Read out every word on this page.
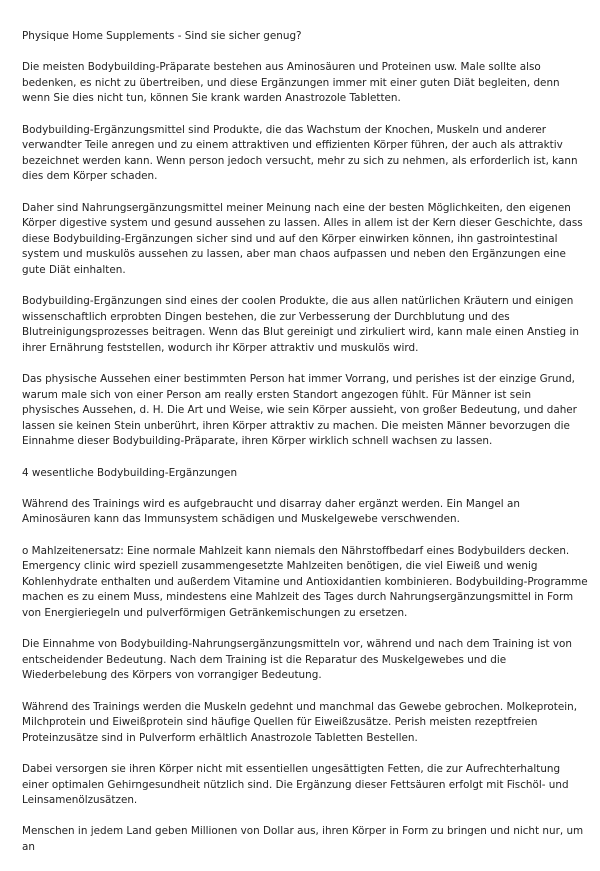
Physique Home Supplements - Sind sie sicher genug?

Die meisten Bodybuilding-Präparate bestehen aus Aminosäuren und Proteinen usw. Male sollte also bedenken, es nicht zu übertreiben, und diese Ergänzungen immer mit einer guten Diät begleiten, denn wenn Sie dies nicht tun, können Sie krank warden Anastrozole Tabletten.

Bodybuilding-Ergänzungsmittel sind Produkte, die das Wachstum der Knochen, Muskeln und anderer verwandter Teile anregen und zu einem attraktiven und effizienten Körper führen, der auch als attraktiv bezeichnet werden kann. Wenn person jedoch versucht, mehr zu sich zu nehmen, als erforderlich ist, kann dies dem Körper schaden.

Daher sind Nahrungsergänzungsmittel meiner Meinung nach eine der besten Möglichkeiten, den eigenen Körper digestive system und gesund aussehen zu lassen. Alles in allem ist der Kern dieser Geschichte, dass diese Bodybuilding-Ergänzungen sicher sind und auf den Körper einwirken können, ihn gastrointestinal system und muskulös aussehen zu lassen, aber man chaos aufpassen und neben den Ergänzungen eine gute Diät einhalten.

Bodybuilding-Ergänzungen sind eines der coolen Produkte, die aus allen natürlichen Kräutern und einigen wissenschaftlich erprobten Dingen bestehen, die zur Verbesserung der Durchblutung und des Blutreinigungsprozesses beitragen. Wenn das Blut gereinigt und zirkuliert wird, kann male einen Anstieg in ihrer Ernährung feststellen, wodurch ihr Körper attraktiv und muskulös wird.

Das physische Aussehen einer bestimmten Person hat immer Vorrang, und perishes ist der einzige Grund, warum male sich von einer Person am really ersten Standort angezogen fühlt. Für Männer ist sein physisches Aussehen, d. H. Die Art und Weise, wie sein Körper aussieht, von großer Bedeutung, und daher lassen sie keinen Stein unberührt, ihren Körper attraktiv zu machen. Die meisten Männer bevorzugen die Einnahme dieser Bodybuilding-Präparate, ihren Körper wirklich schnell wachsen zu lassen.

4 wesentliche Bodybuilding-Ergänzungen

Während des Trainings wird es aufgebraucht und disarray daher ergänzt werden. Ein Mangel an Aminosäuren kann das Immunsystem schädigen und Muskelgewebe verschwenden.

o Mahlzeitenersatz: Eine normale Mahlzeit kann niemals den Nährstoffbedarf eines Bodybuilders decken. Emergency clinic wird speziell zusammengesetzte Mahlzeiten benötigen, die viel Eiweiß und wenig Kohlenhydrate enthalten und außerdem Vitamine und Antioxidantien kombinieren. Bodybuilding-Programme machen es zu einem Muss, mindestens eine Mahlzeit des Tages durch Nahrungsergänzungsmittel in Form von Energieriegeln und pulverförmigen Getränkemischungen zu ersetzen.

Die Einnahme von Bodybuilding-Nahrungsergänzungsmitteln vor, während und nach dem Training ist von entscheidender Bedeutung. Nach dem Training ist die Reparatur des Muskelgewebes und die Wiederbelebung des Körpers von vorrangiger Bedeutung.

Während des Trainings werden die Muskeln gedehnt und manchmal das Gewebe gebrochen. Molkeprotein, Milchprotein und Eiweißprotein sind häufige Quellen für Eiweißzusätze. Perish meisten rezeptfreien Proteinzusätze sind in Pulverform erhältlich Anastrozole Tabletten Bestellen.

Dabei versorgen sie ihren Körper nicht mit essentiellen ungesättigten Fetten, die zur Aufrechterhaltung einer optimalen Gehirngesundheit nützlich sind. Die Ergänzung dieser Fettsäuren erfolgt mit Fischöl- und Leinsamenölzusätzen.

Menschen in jedem Land geben Millionen von Dollar aus, ihren Körper in Form zu bringen und nicht nur, um an
